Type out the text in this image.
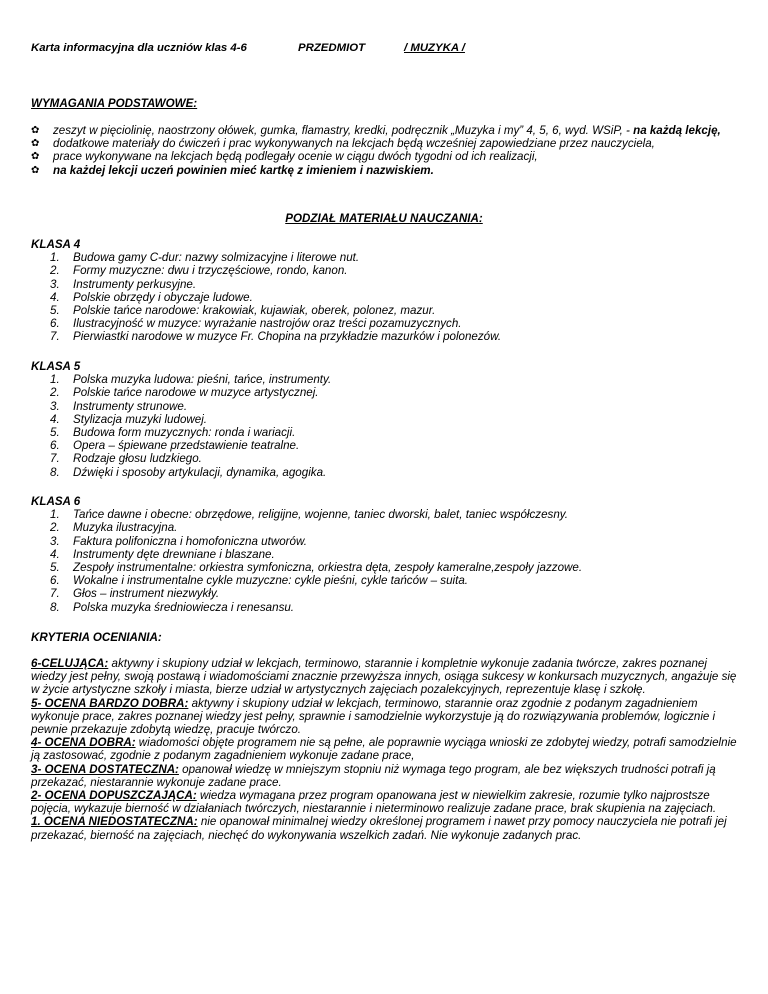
Karta informacyjna dla uczniów klas 4-6	PRZEDMIOT	/ MUZYKA /
WYMAGANIA PODSTAWOWE:
✿ zeszyt w pięciolinię, naostrzony ołówek, gumka, flamastry, kredki, podręcznik „Muzyka i my” 4, 5, 6, wyd. WSiP, - na każdą lekcję,
✿ dodatkowe materiały do ćwiczeń i prac wykonywanych na lekcjach będą wcześniej zapowiedziane przez nauczyciela,
✿ prace wykonywane na lekcjach będą podlegały ocenie w ciągu dwóch tygodni od ich realizacji,
✿ na każdej lekcji uczeń powinien mieć kartkę z imieniem i nazwiskiem.
PODZIAŁ MATERIAŁU NAUCZANIA:
KLASA 4
1. Budowa gamy C-dur: nazwy solmizacyjne i literowe nut.
2. Formy muzyczne: dwu i trzyczęściowe, rondo, kanon.
3. Instrumenty perkusyjne.
4. Polskie obrzędy i obyczaje ludowe.
5. Polskie tańce narodowe: krakowiak, kujawiak, oberek, polonez, mazur.
6. Ilustracyjność w muzyce: wyrażanie nastrojów oraz treści pozamuzycznych.
7. Pierwiastki narodowe w muzyce Fr. Chopina na przykładzie mazurków i polonezów.
KLASA 5
1. Polska muzyka ludowa: pieśni, tańce, instrumenty.
2. Polskie tańce narodowe w muzyce artystycznej.
3. Instrumenty strunowe.
4. Stylizacja muzyki ludowej.
5. Budowa form muzycznych: ronda i wariacji.
6. Opera – śpiewane przedstawienie teatralne.
7. Rodzaje głosu ludzkiego.
8. Dźwięki i sposoby artykulacji, dynamika, agogika.
KLASA 6
1. Tańce dawne i obecne: obrzędowe, religijne, wojenne, taniec dworski, balet, taniec współczesny.
2. Muzyka ilustracyjna.
3. Faktura polifoniczna i homofoniczna utworów.
4. Instrumenty dęte drewniane i blaszane.
5. Zespoły instrumentalne: orkiestra symfoniczna, orkiestra dęta, zespoły kameralne,zespoły jazzowe.
6. Wokalne i instrumentalne cykle muzyczne: cykle pieśni, cykle tańców – suita.
7. Głos – instrument niezwykły.
8. Polska muzyka średniowiecza i renesansu.
KRYTERIA OCENIANIA:

6-CELUJĄCA: aktywny i skupiony udział w lekcjach, terminowo, starannie i kompletnie wykonuje zadania twórcze, zakres poznanej wiedzy jest pełny, swoją postawą i wiadomościami znacznie przewyższa innych, osiąga sukcesy w konkursach muzycznych, angażuje się w życie artystyczne szkoły i miasta, bierze udział w artystycznych zajęciach pozalekcyjnych, reprezentuje klasę i szkołę.

5- OCENA BARDZO DOBRA: aktywny i skupiony udział w lekcjach, terminowo, starannie oraz zgodnie z podanym zagadnieniem wykonuje prace, zakres poznanej wiedzy jest pełny, sprawnie i samodzielnie wykorzystuje ją do rozwiązywania problemów, logicznie i pewnie przekazuje zdobytą wiedzę, pracuje twórczo.

4- OCENA DOBRA: wiadomości objęte programem nie są pełne, ale poprawnie wyciąga wnioski ze zdobytej wiedzy, potrafi samodzielnie ją zastosować, zgodnie z podanym zagadnieniem wykonuje zadane prace,

3- OCENA DOSTATECZNA: opanował wiedzę w mniejszym stopniu niż wymaga tego program, ale bez większych trudności potrafi ją przekazać, niestarannie wykonuje zadane prace.

2- OCENA DOPUSZCZAJĄCA: wiedza wymagana przez program opanowana jest w niewielkim zakresie, rozumie tylko najprostsze pojęcia, wykazuje bierność w działaniach twórczych, niestarannie i nieterminowo realizuje zadane prace, brak skupienia na zajęciach.

1. OCENA NIEDOSTATECZNA: nie opanował minimalnej wiedzy określonej programem i nawet przy pomocy nauczyciela nie potrafi jej przekazać, bierność na zajęciach, niechęć do wykonywania wszelkich zadań. Nie wykonuje zadanych prac.
